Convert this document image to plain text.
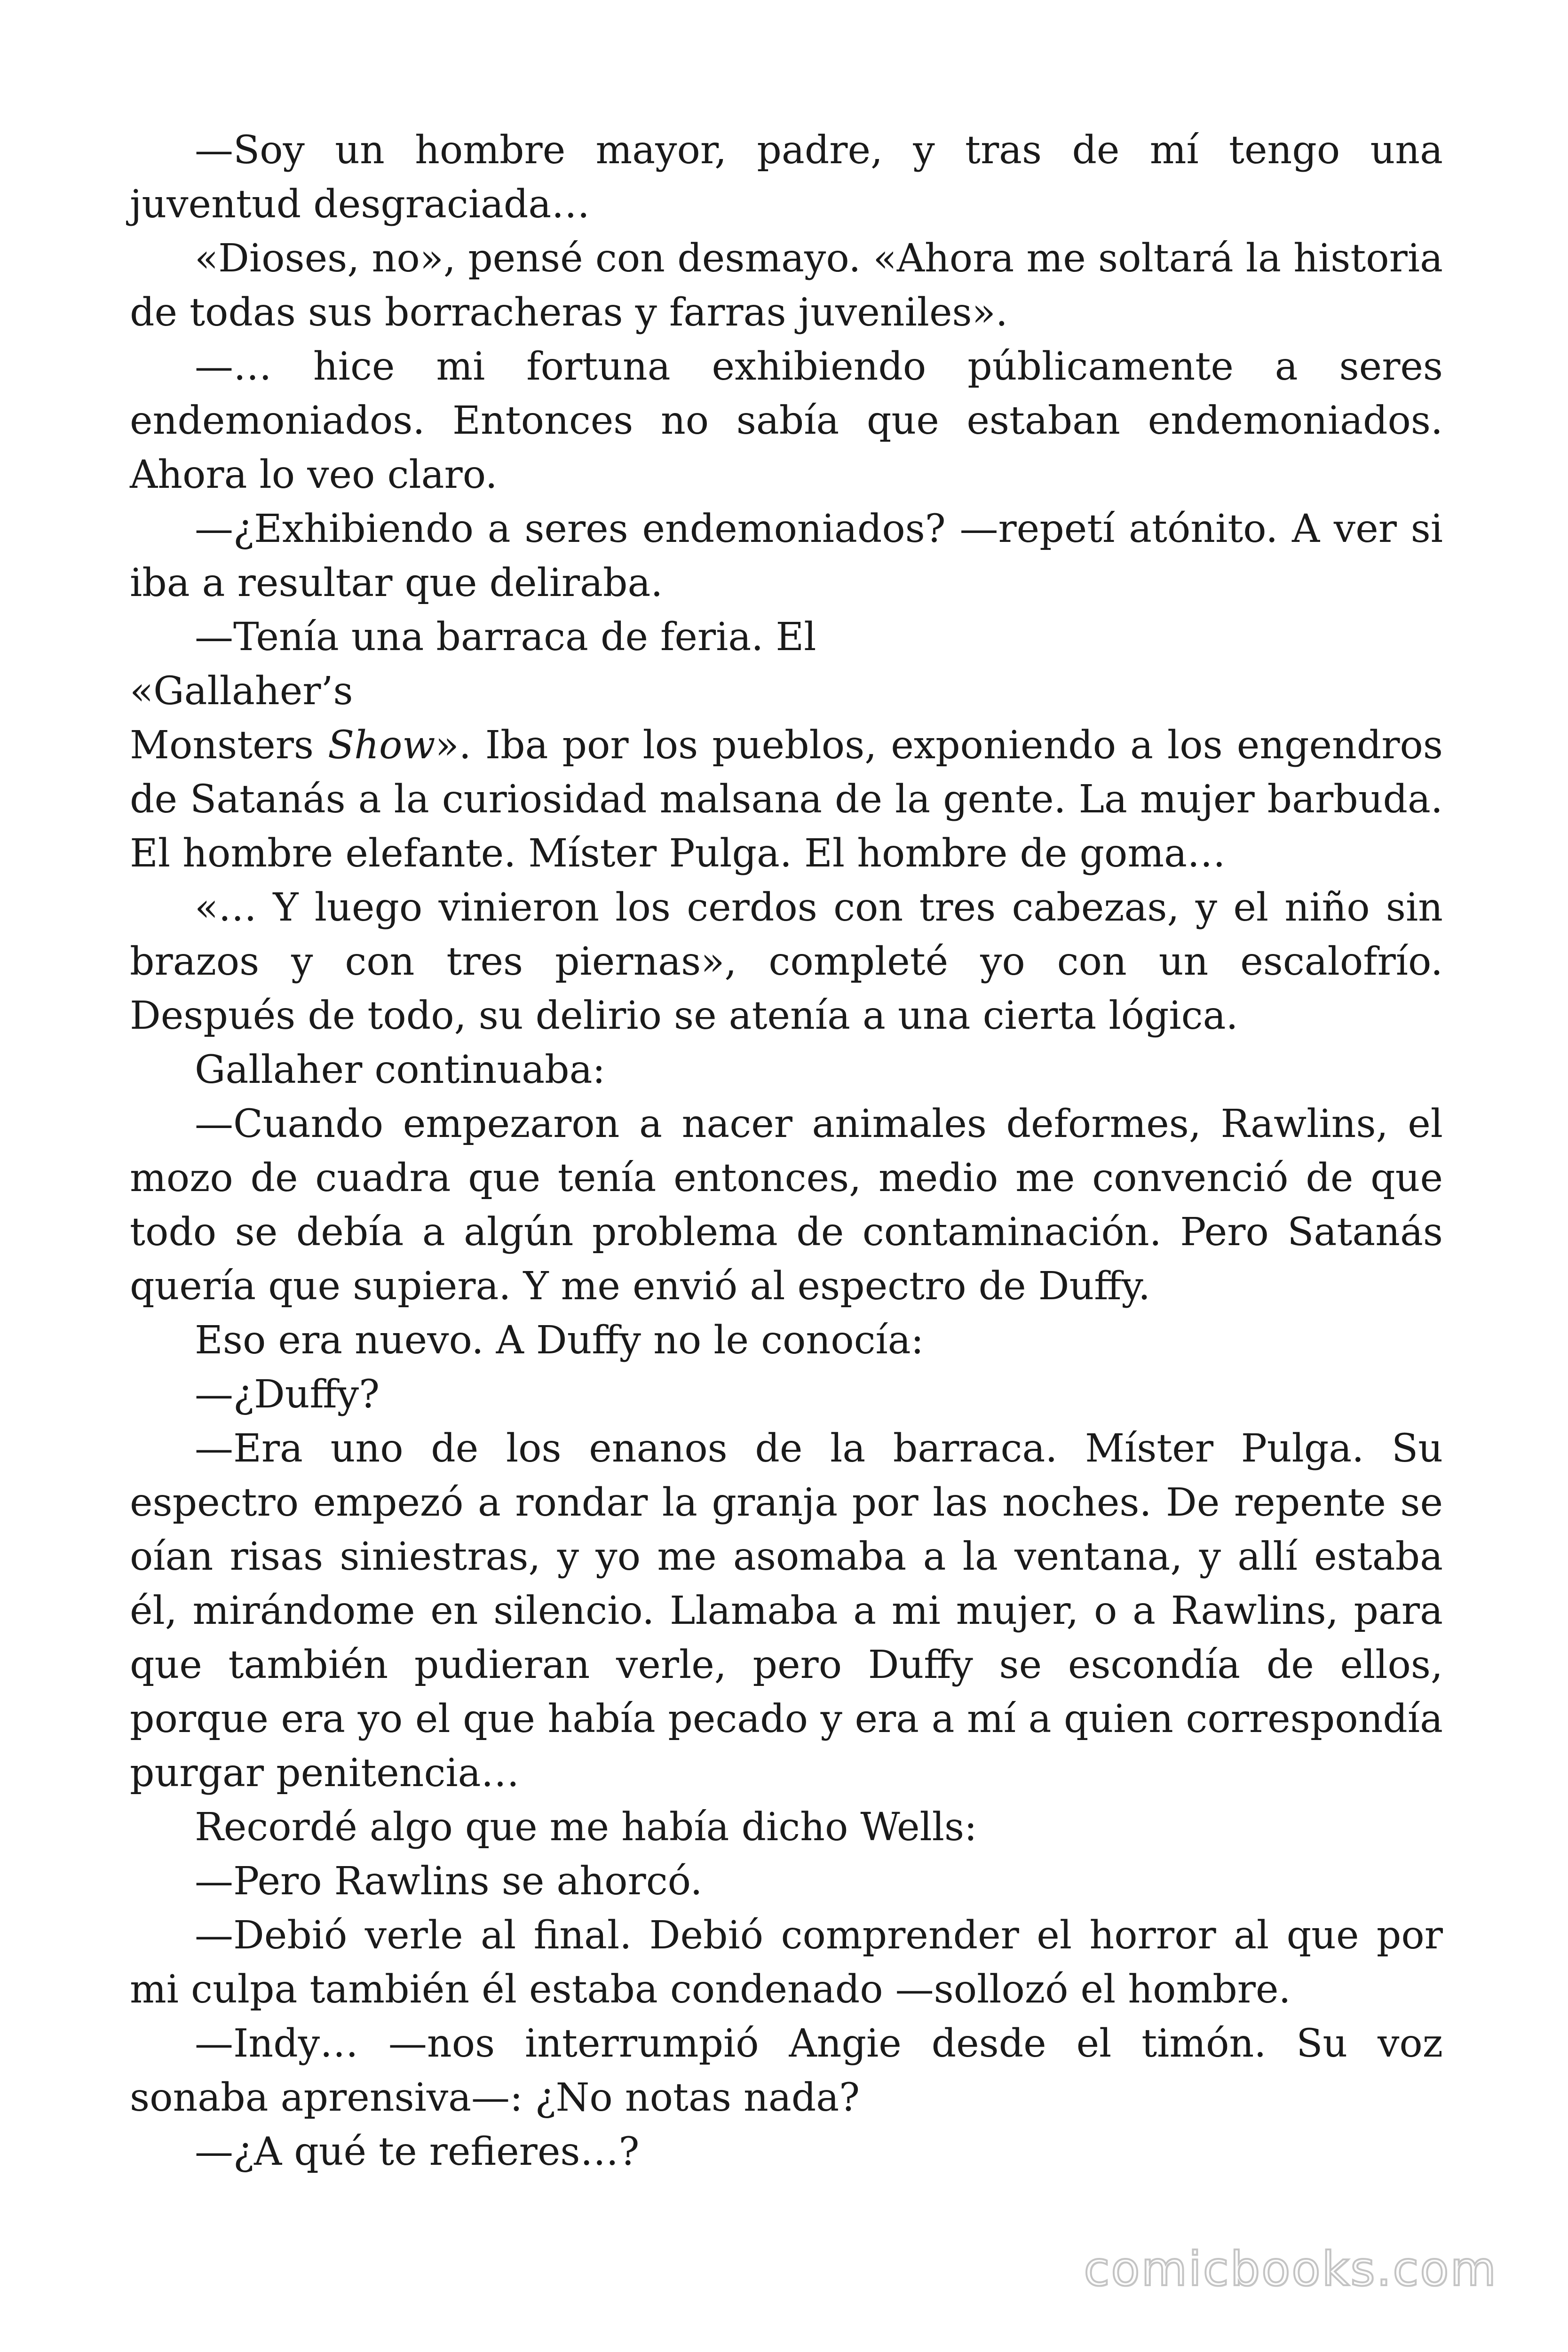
—Soy un hombre mayor, padre, y tras de mí tengo una juventud desgraciada…

«Dioses, no», pensé con desmayo. «Ahora me soltará la historia de todas sus borracheras y farras juveniles».

—… hice mi fortuna exhibiendo públicamente a seres endemoniados. Entonces no sabía que estaban endemoniados. Ahora lo veo claro.

—¿Exhibiendo a seres endemoniados? —repetí atónito. A ver si iba a resultar que deliraba.

—Tenía una barraca de feria. El

«Gallaher’s

Monsters Show». Iba por los pueblos, exponiendo a los engendros de Satanás a la curiosidad malsana de la gente. La mujer barbuda. El hombre elefante. Míster Pulga. El hombre de goma…

«… Y luego vinieron los cerdos con tres cabezas, y el niño sin brazos y con tres piernas», completé yo con un escalofrío. Después de todo, su delirio se atenía a una cierta lógica.

Gallaher continuaba:

—Cuando empezaron a nacer animales deformes, Rawlins, el mozo de cuadra que tenía entonces, medio me convenció de que todo se debía a algún problema de contaminación. Pero Satanás quería que supiera. Y me envió al espectro de Duffy.

Eso era nuevo. A Duffy no le conocía:

—¿Duffy?

—Era uno de los enanos de la barraca. Míster Pulga. Su espectro empezó a rondar la granja por las noches. De repente se oían risas siniestras, y yo me asomaba a la ventana, y allí estaba él, mirándome en silencio. Llamaba a mi mujer, o a Rawlins, para que también pudieran verle, pero Duffy se escondía de ellos, porque era yo el que había pecado y era a mí a quien correspondía purgar penitencia…

Recordé algo que me había dicho Wells:

—Pero Rawlins se ahorcó.

—Debió verle al final. Debió comprender el horror al que por mi culpa también él estaba condenado —sollozó el hombre.

—Indy… —nos interrumpió Angie desde el timón. Su voz sonaba aprensiva—: ¿No notas nada?

—¿A qué te refieres…?

comicbooks.com
